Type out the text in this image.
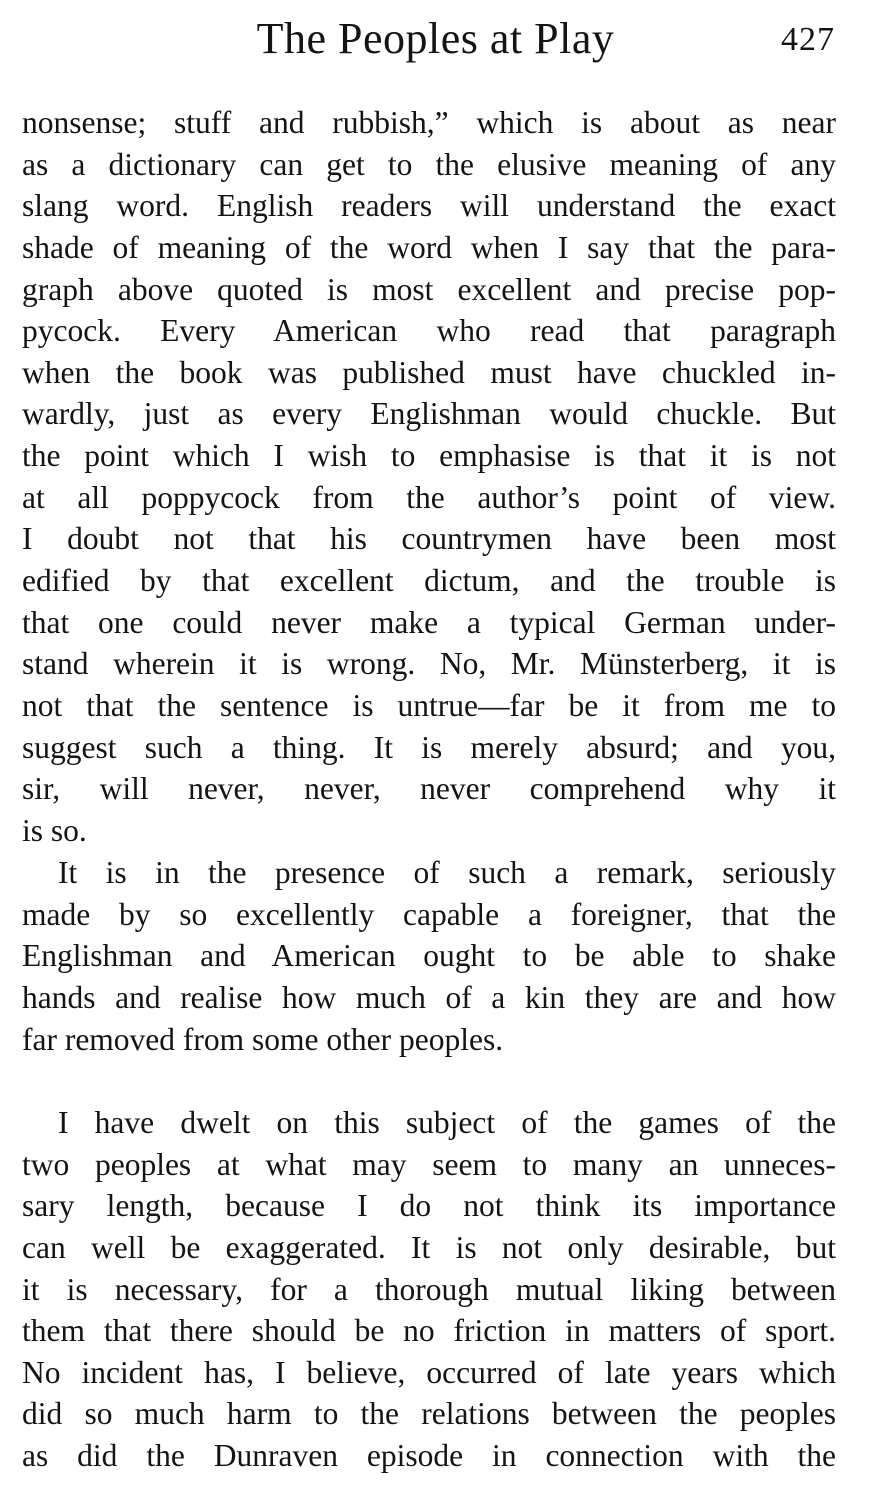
The Peoples at Play	427
nonsense; stuff and rubbish,” which is about as near
as a dictionary can get to the elusive meaning of any
slang word. English readers will understand the exact
shade of meaning of the word when I say that the para-
graph above quoted is most excellent and precise pop-
pycock. Every American who read that paragraph
when the book was published must have chuckled in-
wardly, just as every Englishman would chuckle. But
the point which I wish to emphasise is that it is not
at all poppycock from the author’s point of view.
I doubt not that his countrymen have been most
edified by that excellent dictum, and the trouble is
that one could never make a typical German under-
stand wherein it is wrong. No, Mr. Münsterberg, it is
not that the sentence is untrue—far be it from me to
suggest such a thing. It is merely absurd; and you,
sir, will never, never, never comprehend why it
is so.
It is in the presence of such a remark, seriously
made by so excellently capable a foreigner, that the
Englishman and American ought to be able to shake
hands and realise how much of a kin they are and how
far removed from some other peoples.
I have dwelt on this subject of the games of the
two peoples at what may seem to many an unneces-
sary length, because I do not think its importance
can well be exaggerated. It is not only desirable, but
it is necessary, for a thorough mutual liking between
them that there should be no friction in matters of sport.
No incident has, I believe, occurred of late years which
did so much harm to the relations between the peoples
as did the Dunraven episode in connection with the
